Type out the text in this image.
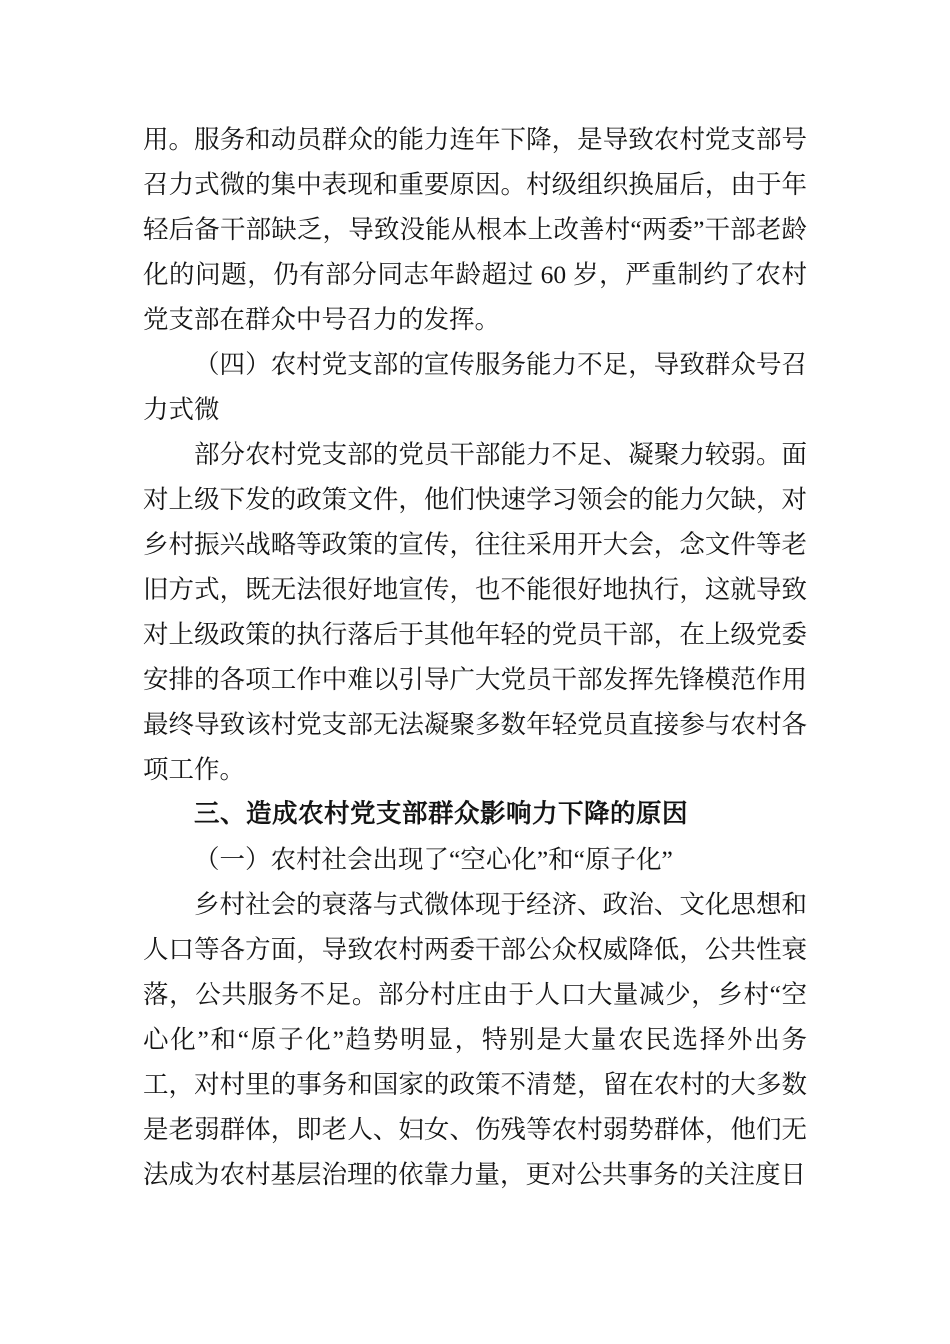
用。服务和动员群众的能力连年下降，是导致农村党支部号召力式微的集中表现和重要原因。村级组织换届后，由于年轻后备干部缺乏，导致没能从根本上改善村“两委”干部老龄化的问题，仍有部分同志年龄超过 60 岁，严重制约了农村党支部在群众中号召力的发挥。

（四）农村党支部的宣传服务能力不足，导致群众号召力式微

部分农村党支部的党员干部能力不足、凝聚力较弱。面对上级下发的政策文件，他们快速学习领会的能力欠缺，对乡村振兴战略等政策的宣传，往往采用开大会，念文件等老旧方式，既无法很好地宣传，也不能很好地执行，这就导致对上级政策的执行落后于其他年轻的党员干部，在上级党委安排的各项工作中难以引导广大党员干部发挥先锋模范作用最终导致该村党支部无法凝聚多数年轻党员直接参与农村各项工作。

三、造成农村党支部群众影响力下降的原因

（一）农村社会出现了“空心化”和“原子化”

乡村社会的衰落与式微体现于经济、政治、文化思想和人口等各方面，导致农村两委干部公众权威降低，公共性衰落，公共服务不足。部分村庄由于人口大量减少，乡村“空心化”和“原子化”趋势明显，特别是大量农民选择外出务工，对村里的事务和国家的政策不清楚，留在农村的大多数是老弱群体，即老人、妇女、伤残等农村弱势群体，他们无法成为农村基层治理的依靠力量，更对公共事务的关注度日
